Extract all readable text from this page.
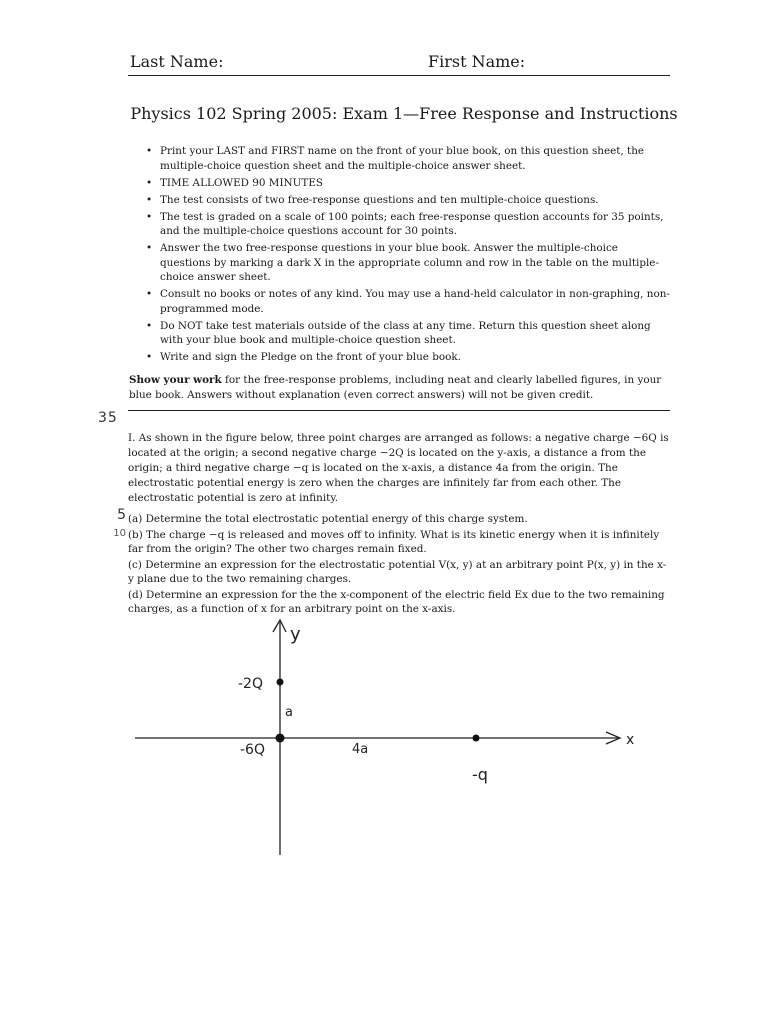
Last Name:	First Name:
Physics 102 Spring 2005: Exam 1—Free Response and Instructions
• Print your LAST and FIRST name on the front of your blue book, on this question sheet, the multiple-choice question sheet and the multiple-choice answer sheet.
• TIME ALLOWED 90 MINUTES
• The test consists of two free-response questions and ten multiple-choice questions.
• The test is graded on a scale of 100 points; each free-response question accounts for 35 points, and the multiple-choice questions account for 30 points.
• Answer the two free-response questions in your blue book. Answer the multiple-choice questions by marking a dark X in the appropriate column and row in the table on the multiple-choice answer sheet.
• Consult no books or notes of any kind. You may use a hand-held calculator in non-graphing, non-programmed mode.
• Do NOT take test materials outside of the class at any time. Return this question sheet along with your blue book and multiple-choice question sheet.
• Write and sign the Pledge on the front of your blue book.
Show your work for the free-response problems, including neat and clearly labelled figures, in your blue book. Answers without explanation (even correct answers) will not be given credit.
35
I. As shown in the figure below, three point charges are arranged as follows: a negative charge −6Q is located at the origin; a second negative charge −2Q is located on the y-axis, a distance a from the origin; a third negative charge −q is located on the x-axis, a distance 4a from the origin. The electrostatic potential energy is zero when the charges are infinitely far from each other. The electrostatic potential is zero at infinity.
5 (a) Determine the total electrostatic potential energy of this charge system.
10 (b) The charge −q is released and moves off to infinity. What is its kinetic energy when it is infinitely far from the origin? The other two charges remain fixed.
(c) Determine an expression for the electrostatic potential V(x, y) at an arbitrary point P(x, y) in the x-y plane due to the two remaining charges.
(d) Determine an expression for the the x-component of the electric field Ex due to the two remaining charges, as a function of x for an arbitrary point on the x-axis.
y
x
-2Q
a
-6Q	4a
-q
